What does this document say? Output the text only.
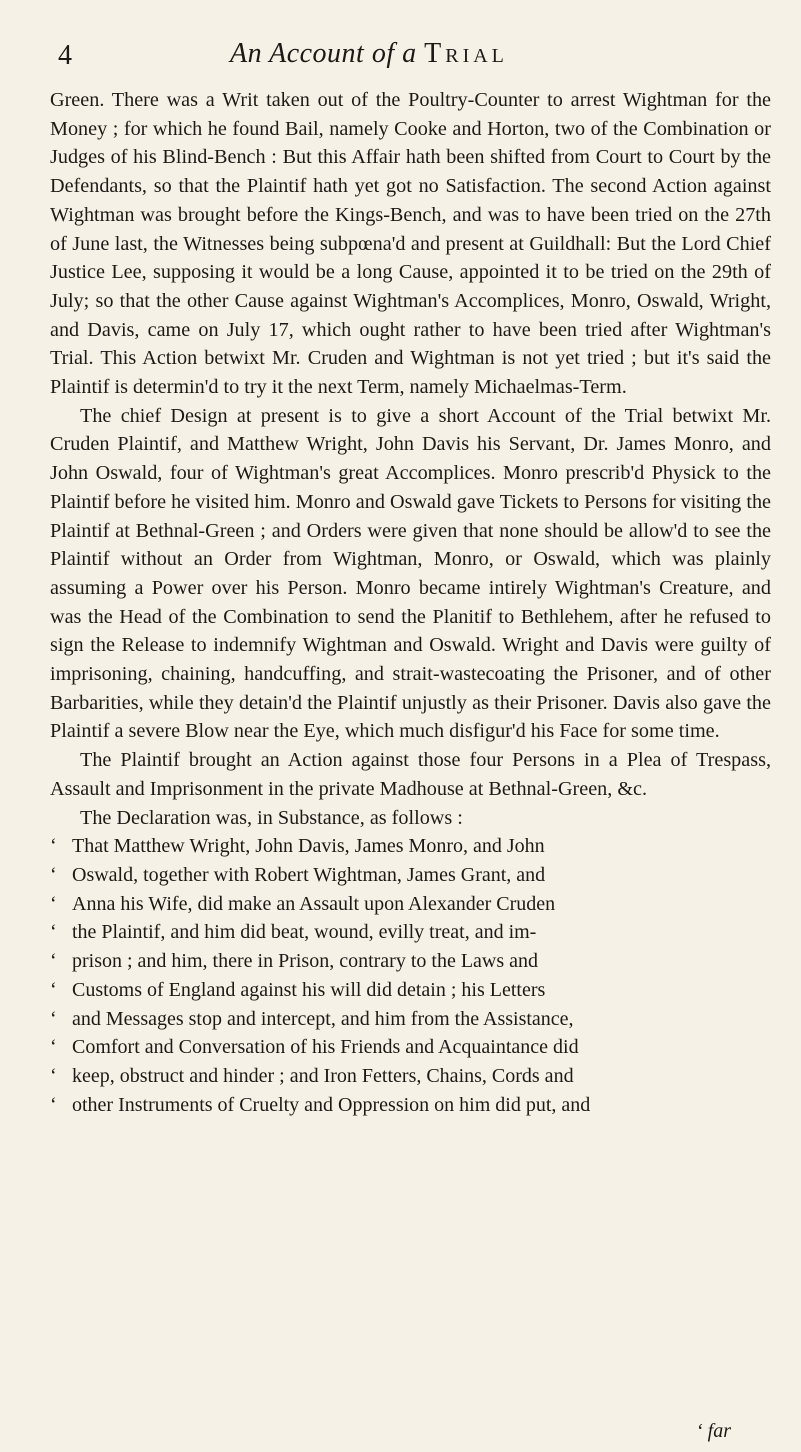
4	An Account of a Trial

Green. There was a Writ taken out of the Poultry-Counter to arrest Wightman for the Money ; for which he found Bail, namely Cooke and Horton, two of the Combination or Judges of his Blind-Bench : But this Affair hath been shifted from Court to Court by the Defendants, so that the Plaintif hath yet got no Satisfaction. The second Action against Wightman was brought before the Kings-Bench, and was to have been tried on the 27th of June last, the Witnesses being subpœna'd and present at Guildhall: But the Lord Chief Justice Lee, supposing it would be a long Cause, appointed it to be tried on the 29th of July; so that the other Cause against Wightman's Accomplices, Monro, Oswald, Wright, and Davis, came on July 17, which ought rather to have been tried after Wightman's Trial. This Action betwixt Mr. Cruden and Wightman is not yet tried ; but it's said the Plaintif is determin'd to try it the next Term, namely Michaelmas-Term.

The chief Design at present is to give a short Account of the Trial betwixt Mr. Cruden Plaintif, and Matthew Wright, John Davis his Servant, Dr. James Monro, and John Oswald, four of Wightman's great Accomplices. Monro prescrib'd Physick to the Plaintif before he visited him. Monro and Oswald gave Tickets to Persons for visiting the Plaintif at Bethnal-Green ; and Orders were given that none should be allow'd to see the Plaintif without an Order from Wightman, Monro, or Oswald, which was plainly assuming a Power over his Person. Monro became intirely Wightman's Creature, and was the Head of the Combination to send the Planitif to Bethlehem, after he refused to sign the Release to indemnify Wightman and Oswald. Wright and Davis were guilty of imprisoning, chaining, handcuffing, and strait-wastecoating the Prisoner, and of other Barbarities, while they detain'd the Plaintif unjustly as their Prisoner. Davis also gave the Plaintif a severe Blow near the Eye, which much disfigur'd his Face for some time.

The Plaintif brought an Action against those four Persons in a Plea of Trespass, Assault and Imprisonment in the private Madhouse at Bethnal-Green, &c.

The Declaration was, in Substance, as follows :

‘ That Matthew Wright, John Davis, James Monro, and John
‘ Oswald, together with Robert Wightman, James Grant, and
‘ Anna his Wife, did make an Assault upon Alexander Cruden
‘ the Plaintif, and him did beat, wound, evilly treat, and im-
‘ prison ; and him, there in Prison, contrary to the Laws and
‘ Customs of England against his will did detain ; his Letters
‘ and Messages stop and intercept, and him from the Assistance,
‘ Comfort and Conversation of his Friends and Acquaintance did
‘ keep, obstruct and hinder ; and Iron Fetters, Chains, Cords and
‘ other Instruments of Cruelty and Oppression on him did put, and
‘ far
